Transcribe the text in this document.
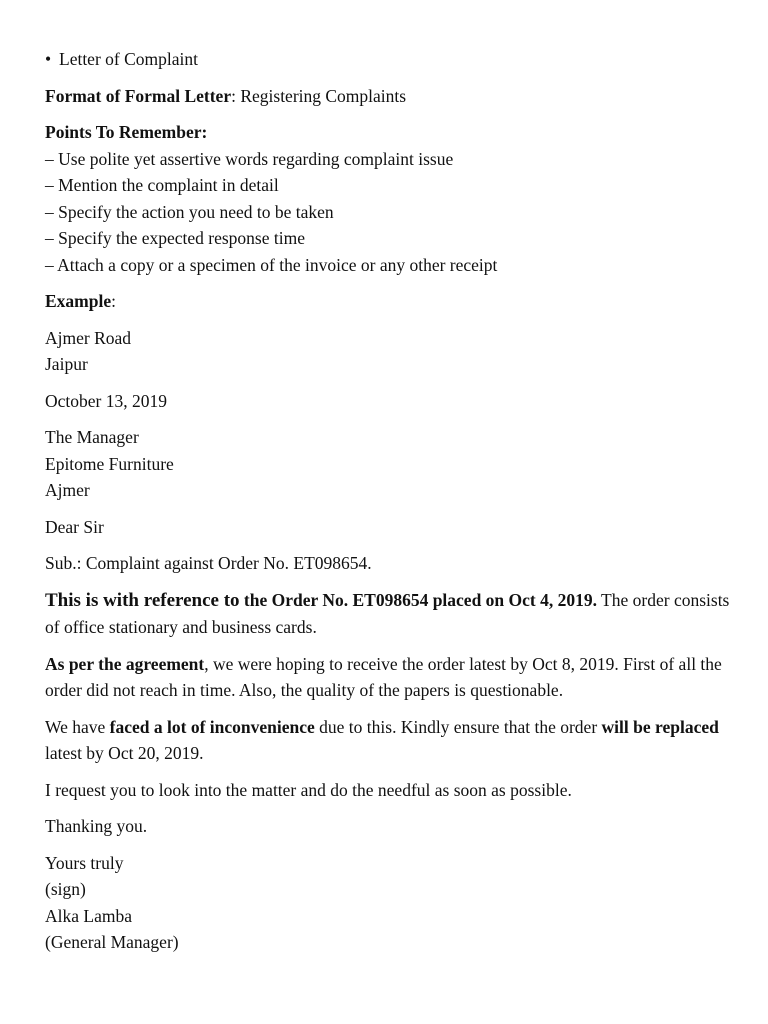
• Letter of Complaint

Format of Formal Letter: Registering Complaints

Points To Remember:
– Use polite yet assertive words regarding complaint issue
– Mention the complaint in detail
– Specify the action you need to be taken
– Specify the expected response time
– Attach a copy or a specimen of the invoice or any other receipt

Example:

Ajmer Road
Jaipur

October 13, 2019

The Manager
Epitome Furniture
Ajmer

Dear Sir

Sub.: Complaint against Order No. ET098654.

This is with reference to the Order No. ET098654 placed on Oct 4, 2019. The order consists of office stationary and business cards.

As per the agreement, we were hoping to receive the order latest by Oct 8, 2019. First of all the order did not reach in time. Also, the quality of the papers is questionable.

We have faced a lot of inconvenience due to this. Kindly ensure that the order will be replaced latest by Oct 20, 2019.

I request you to look into the matter and do the needful as soon as possible.

Thanking you.

Yours truly
(sign)
Alka Lamba
(General Manager)
